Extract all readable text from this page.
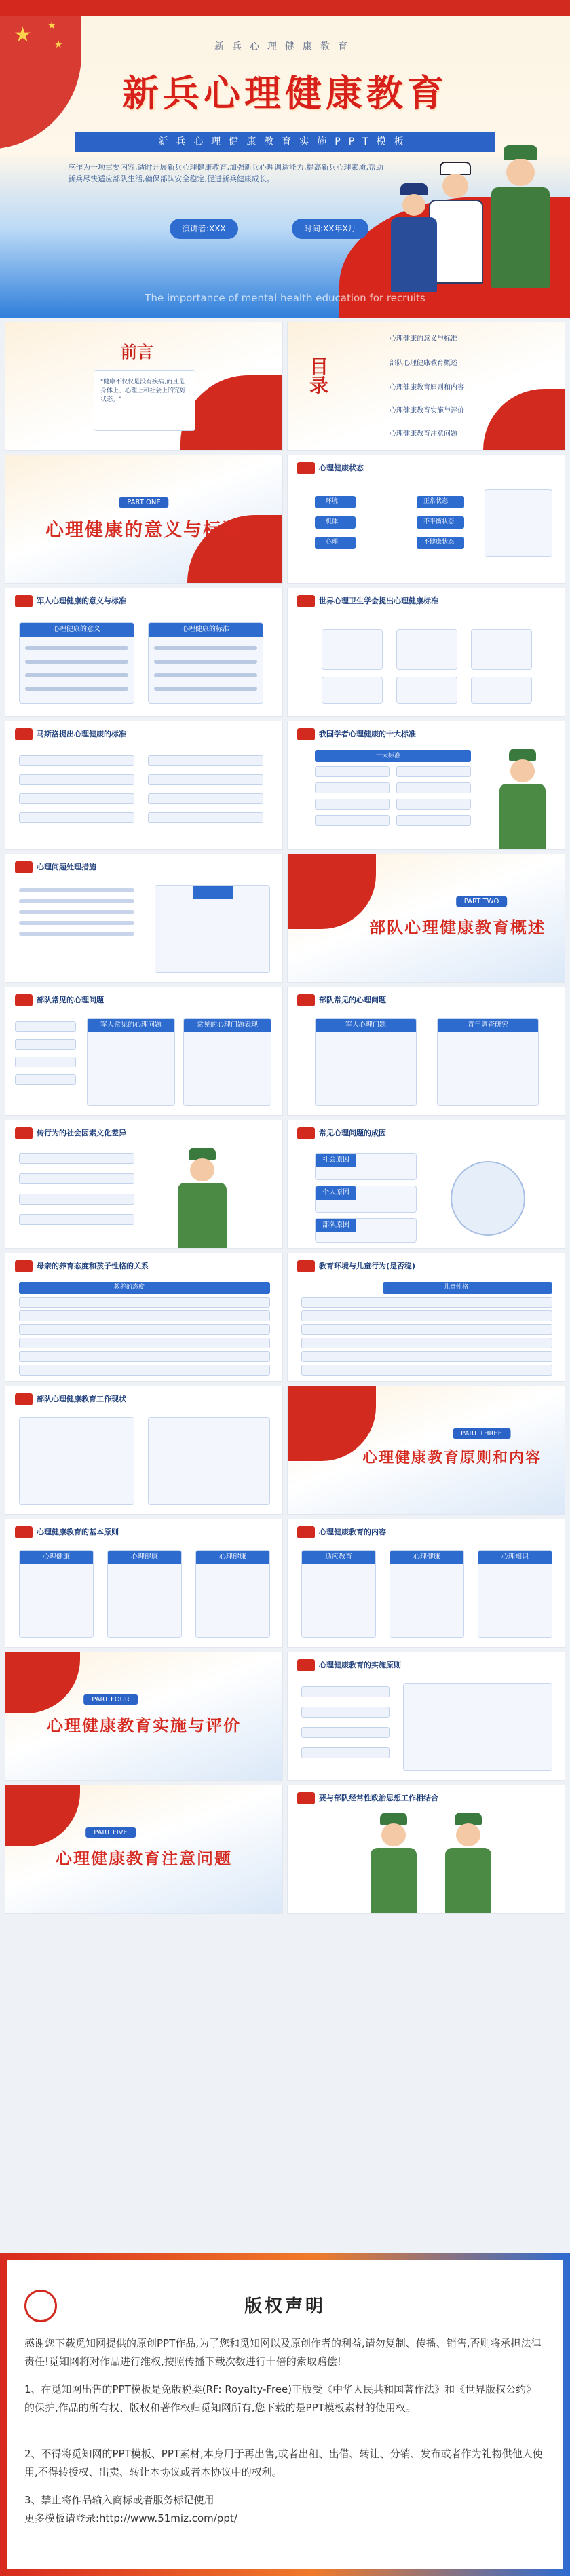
★ ★
★	新兵心理健康教育
新兵心理健康教育
新兵心理健康教育实施PPT模板
应作为一项重要内容,适时开展新兵心理健康教育,加强新兵心理调适能力,提高新兵心理素质,帮助新兵尽快适应部队生活,确保部队安全稳定,促进新兵健康成长。
演讲者:XXX	时间:XX年X月
The importance of mental health education for recruits
前言
"健康不仅仅是没有疾病,而且是身体上、心理上和社会上的完好状态。"
目录
心理健康的意义与标准
部队心理健康教育概述
心理健康教育原则和内容
心理健康教育实施与评价
心理健康教育注意问题
PART ONE
心理健康的意义与标准
心理健康状态
环境
机体
心理
正常状态
不平衡状态
不健康状态
军人心理健康的意义与标准
心理健康的意义	心理健康的标准
世界心理卫生学会提出心理健康标准
马斯洛提出心理健康的标准	我国学者心理健康的十大标准
十大标准
心理问题处理措施
PART TWO
部队心理健康教育概述
部队常见的心理问题
军人常见的心理问题	常见的心理问题表现
部队常见的心理问题
军人心理问题	青年调查研究
传行为的社会因素文化差异	常见心理问题的成因
社会原因
个人原因
部队原因
母亲的养育态度和孩子性格的关系
教养的态度
教育环境与儿童行为(是否稳)
儿童性格
部队心理健康教育工作现状
PART THREE
心理健康教育原则和内容
心理健康教育的基本原则
心理健康	心理健康	心理健康
心理健康教育的内容
适应教育	心理健康	心理知识
PART FOUR
心理健康教育实施与评价
心理健康教育的实施原则
PART FIVE
心理健康教育注意问题
要与部队经常性政治思想工作相结合
版权声明

感谢您下载觅知网提供的原创PPT作品,为了您和觅知网以及原创作者的利益,请勿复制、传播、销售,否则将承担法律责任!觅知网将对作品进行维权,按照传播下载次数进行十倍的索取赔偿!

1、在觅知网出售的PPT模板是免版税类(RF: Royalty-Free)正版受《中华人民共和国著作法》和《世界版权公约》的保护,作品的所有权、版权和著作权归觅知网所有,您下载的是PPT模板素材的使用权。

2、不得将觅知网的PPT模板、PPT素材,本身用于再出售,或者出租、出借、转让、分销、发布或者作为礼物供他人使用,不得转授权、出卖、转让本协议或者本协议中的权利。

3、禁止将作品输入商标或者服务标记使用

更多模板请登录:http://www.51miz.com/ppt/
